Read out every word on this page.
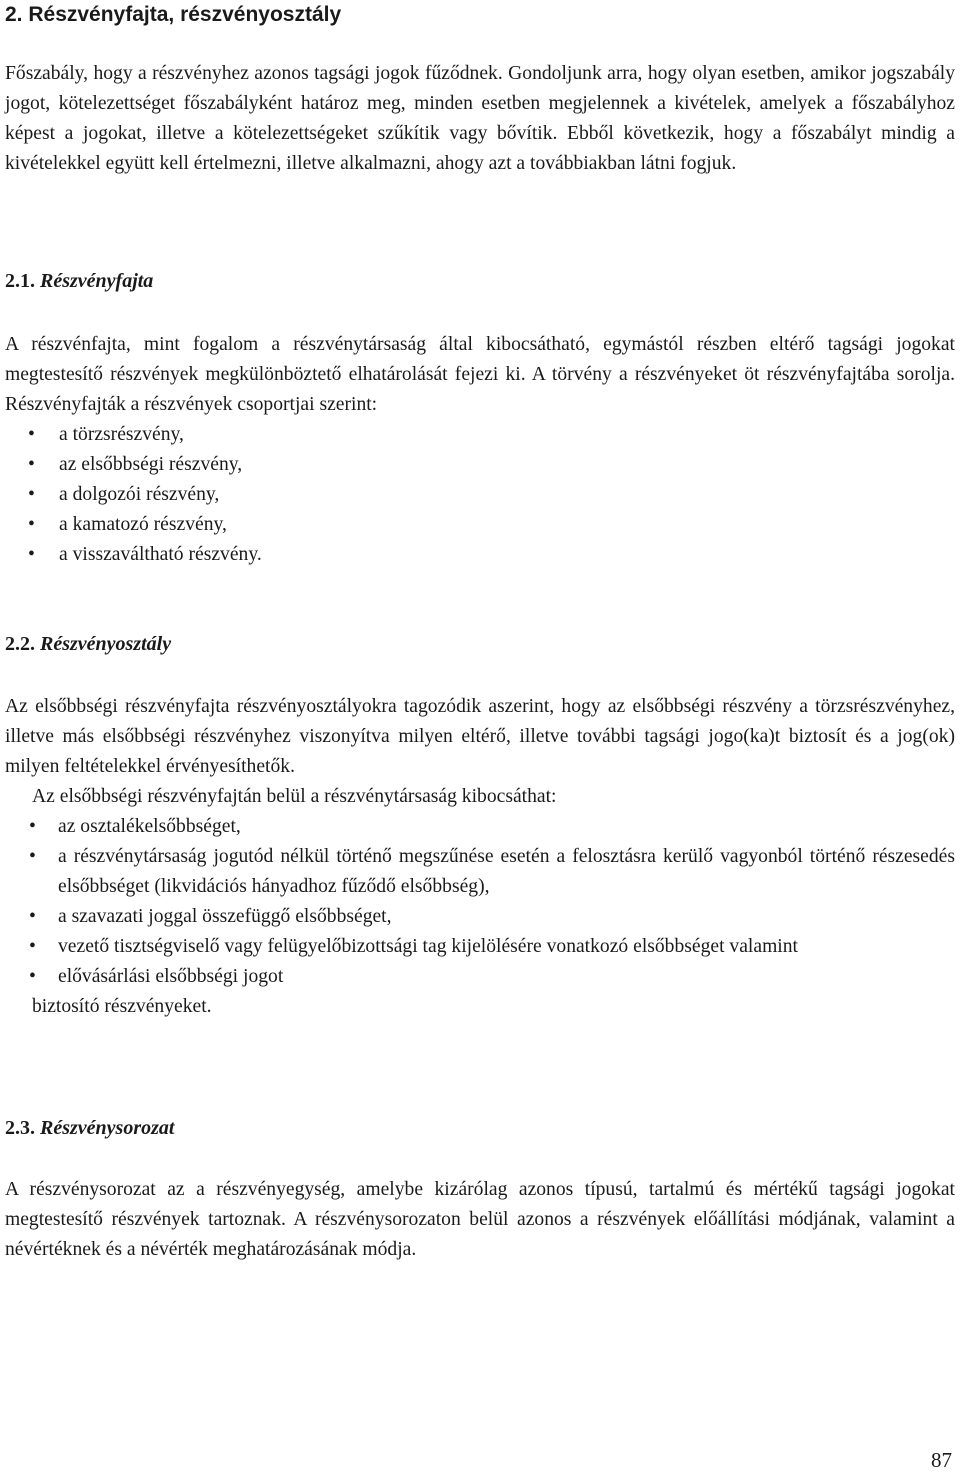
2. Részvényfajta, részvényosztály

Főszabály, hogy a részvényhez azonos tagsági jogok fűződnek. Gondoljunk arra, hogy olyan esetben, amikor jogszabály jogot, kötelezettséget főszabályként határoz meg, minden esetben megjelennek a kivételek, amelyek a főszabályhoz képest a jogokat, illetve a kötelezettségeket szűkítik vagy bővítik. Ebből következik, hogy a főszabályt mindig a kivételekkel együtt kell értelmezni, illetve alkalmazni, ahogy azt a továbbiakban látni fogjuk.

2.1. Részvényfajta

A részvénfajta, mint fogalom a részvénytársaság által kibocsátható, egymástól részben eltérő tagsági jogokat megtestesítő részvények megkülönböztető elhatárolását fejezi ki. A törvény a részvényeket öt részvényfajtába sorolja. Részvényfajták a részvények csoportjai szerint:

• a törzsrészvény,
• az elsőbbségi részvény,
• a dolgozói részvény,
• a kamatozó részvény,
• a visszaváltható részvény.
2.2. Részvényosztály

Az elsőbbségi részvényfajta részvényosztályokra tagozódik aszerint, hogy az elsőbbségi részvény a törzsrészvényhez, illetve más elsőbbségi részvényhez viszonyítva milyen eltérő, illetve további tagsági jogo(ka)t biztosít és a jog(ok) milyen feltételekkel érvényesíthetők.

Az elsőbbségi részvényfajtán belül a részvénytársaság kibocsáthat:

• az osztalékelsőbbséget,
• a részvénytársaság jogutód nélkül történő megszűnése esetén a felosztásra kerülő vagyonból történő részesedés elsőbbséget (likvidációs hányadhoz fűződő elsőbbség),
• a szavazati joggal összefüggő elsőbbséget,
• vezető tisztségviselő vagy felügyelőbizottsági tag kijelölésére vonatkozó elsőbbséget valamint
• elővásárlási elsőbbségi jogot

biztosító részvényeket.

2.3. Részvénysorozat

A részvénysorozat az a részvényegység, amelybe kizárólag azonos típusú, tartalmú és mértékű tagsági jogokat megtestesítő részvények tartoznak. A részvénysorozaton belül azonos a részvények előállítási módjának, valamint a névértéknek és a névérték meghatározásának módja.

87
